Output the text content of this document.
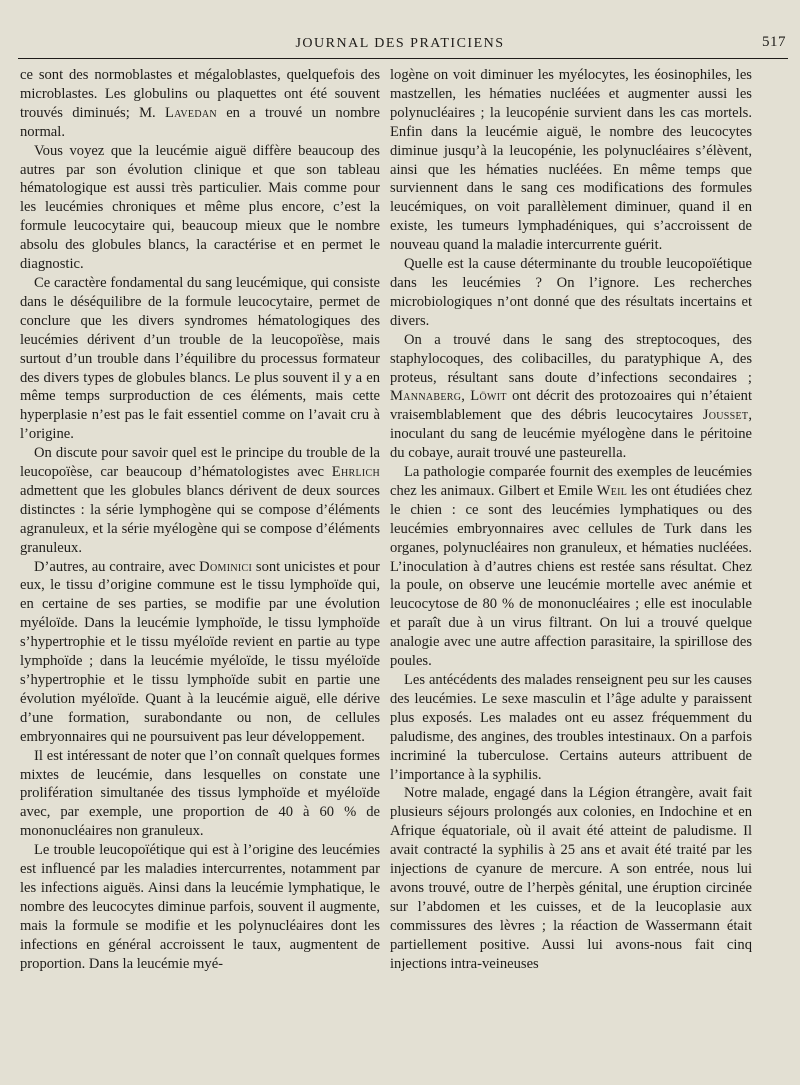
JOURNAL DES PRATICIENS	517

ce sont des normoblastes et mégaloblastes, quelquefois des microblastes. Les globulins ou plaquettes ont été souvent trouvés diminués; M. Lavedan en a trouvé un nombre normal.

Vous voyez que la leucémie aiguë diffère beaucoup des autres par son évolution clinique et que son tableau hématologique est aussi très particulier. Mais comme pour les leucémies chroniques et même plus encore, c’est la formule leucocytaire qui, beaucoup mieux que le nombre absolu des globules blancs, la caractérise et en permet le diagnostic.

Ce caractère fondamental du sang leucémique, qui consiste dans le déséquilibre de la formule leucocytaire, permet de conclure que les divers syndromes hématologiques des leucémies dérivent d’un trouble de la leucopoïèse, mais surtout d’un trouble dans l’équilibre du processus formateur des divers types de globules blancs. Le plus souvent il y a en même temps surproduction de ces éléments, mais cette hyperplasie n’est pas le fait essentiel comme on l’avait cru à l’origine.

On discute pour savoir quel est le principe du trouble de la leucopoïèse, car beaucoup d’hématologistes avec Ehrlich admettent que les globules blancs dérivent de deux sources distinctes : la série lymphogène qui se compose d’éléments agranuleux, et la série myélogène qui se compose d’éléments granuleux.

D’autres, au contraire, avec Dominici sont unicistes et pour eux, le tissu d’origine commune est le tissu lymphoïde qui, en certaine de ses parties, se modifie par une évolution myéloïde. Dans la leucémie lymphoïde, le tissu lymphoïde s’hypertrophie et le tissu myéloïde revient en partie au type lymphoïde ; dans la leucémie myéloïde, le tissu myéloïde s’hypertrophie et le tissu lymphoïde subit en partie une évolution myéloïde. Quant à la leucémie aiguë, elle dérive d’une formation, surabondante ou non, de cellules embryonnaires qui ne poursuivent pas leur développement.

Il est intéressant de noter que l’on connaît quelques formes mixtes de leucémie, dans lesquelles on constate une prolifération simultanée des tissus lymphoïde et myéloïde avec, par exemple, une proportion de 40 à 60 % de mononucléaires non granuleux.

Le trouble leucopoïétique qui est à l’origine des leucémies est influencé par les maladies intercurrentes, notamment par les infections aiguës. Ainsi dans la leucémie lymphatique, le nombre des leucocytes diminue parfois, souvent il augmente, mais la formule se modifie et les polynucléaires dont les infections en général accroissent le taux, augmentent de proportion. Dans la leucémie myé-

logène on voit diminuer les myélocytes, les éosinophiles, les mastzellen, les hématies nucléées et augmenter aussi les polynucléaires ; la leucopénie survient dans les cas mortels. Enfin dans la leucémie aiguë, le nombre des leucocytes diminue jusqu’à la leucopénie, les polynucléaires s’élèvent, ainsi que les hématies nucléées. En même temps que surviennent dans le sang ces modifications des formules leucémiques, on voit parallèlement diminuer, quand il en existe, les tumeurs lymphadéniques, qui s’accroissent de nouveau quand la maladie intercurrente guérit.

Quelle est la cause déterminante du trouble leucopoïétique dans les leucémies ? On l’ignore. Les recherches microbiologiques n’ont donné que des résultats incertains et divers.

On a trouvé dans le sang des streptocoques, des staphylocoques, des colibacilles, du paratyphique A, des proteus, résultant sans doute d’infections secondaires ; Mannaberg, Löwit ont décrit des protozoaires qui n’étaient vraisemblablement que des débris leucocytaires Jousset, inoculant du sang de leucémie myélogène dans le péritoine du cobaye, aurait trouvé une pasteurella.

La pathologie comparée fournit des exemples de leucémies chez les animaux. Gilbert et Emile Weil les ont étudiées chez le chien : ce sont des leucémies lymphatiques ou des leucémies embryonnaires avec cellules de Turk dans les organes, polynucléaires non granuleux, et hématies nucléées. L’inoculation à d’autres chiens est restée sans résultat. Chez la poule, on observe une leucémie mortelle avec anémie et leucocytose de 80 % de mononucléaires ; elle est inoculable et paraît due à un virus filtrant. On lui a trouvé quelque analogie avec une autre affection parasitaire, la spirillose des poules.

Les antécédents des malades renseignent peu sur les causes des leucémies. Le sexe masculin et l’âge adulte y paraissent plus exposés. Les malades ont eu assez fréquemment du paludisme, des angines, des troubles intestinaux. On a parfois incriminé la tuberculose. Certains auteurs attribuent de l’importance à la syphilis.

Notre malade, engagé dans la Légion étrangère, avait fait plusieurs séjours prolongés aux colonies, en Indochine et en Afrique équatoriale, où il avait été atteint de paludisme. Il avait contracté la syphilis à 25 ans et avait été traité par les injections de cyanure de mercure. A son entrée, nous lui avons trouvé, outre de l’herpès génital, une éruption circinée sur l’abdomen et les cuisses, et de la leucoplasie aux commissures des lèvres ; la réaction de Wassermann était partiellement positive. Aussi lui avons-nous fait cinq injections intra-veineuses
